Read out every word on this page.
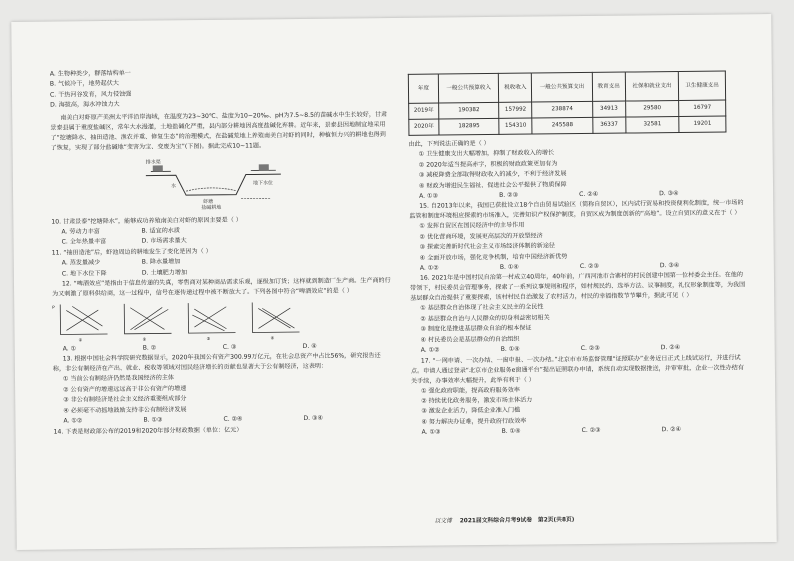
A. 生物种类少，群落结构单一
B. 气候冷干，地势起伏大
C. 干热河谷发育，风力侵蚀强
D. 海拔高，海水冲蚀力大
南美白对虾原产美洲太平洋沿岸海域，在温度为23~30℃、盐度为10~20‰、pH为7.5~8.5的苗碱水中生长较好，甘肃景泰县属于重度盐碱区，常年大水漫灌，土地盐碱化严重，县内部分耕地因高度盐碱化弃耕。近年来，景泰县因地制宜地采用了“挖塘降水、抽田造池、渔农并重、修复生态”的治理模式，在盐碱荒地上养殖南美白对虾的同时，种植恒力兴的耕地也得到了恢复，实现了部分盐碱地“变害为宝、变废为宝”(下图)。据此完成10~11题。
排水渠
地下水位
水
虾塘
盐碱耕地
10. 甘肃景泰“挖塘降水”，能够成功养殖南美白对虾的原因主要是（ ）
A. 劳动力丰富	B. 适宜的水质
C. 全年热量丰富	D. 市场需求量大
11. “抽田造池”后，虾池周边的耕地发生了变化是因为（ ）
A. 蒸发量减少	B. 降水量增加
C. 地下水位下降	D. 土壤肥力增加
12. “啤酒效应”是指由于信息传递的失真，零售商对某种商品需求乐观，逐级加订货；这样就到制造厂生产商。生产商的行为又刺激了原料供给商，这一过程中，信号在逐传递过程中被不断放大了。下列各图中符合“啤酒效应”的是（ ）
P
①	②	③	④
A. ①	B. ②	C. ③	D. ④
13. 根据中国社会科学院研究数据显示，2020年我国公有资产300.99万亿元，在社会总资产中占比56%，研究报告还称，非公有制经济在产出、就业、税收等领域对国民经济增长的贡献也显著大于公有制经济，这表明：
① 当前公有制经济仍然是我国经济的主体
② 公有资产的增速远远高于非公有资产的增速
③ 非公有制经济是社会主义经济重要组成部分
④ 必须毫不动摇地鼓励支持非公有制经济发展
A. ①②	B. ①③	C. ②④	D. ③④
14. 下表是财政部公布的2019和2020年部分财政数据（单位：亿元）
年度	一般公共预算收入	税收收入	一般公共预算支出	教育支出	社保和就业支出	卫生健康支出
2019年	190382	157992	238874	34913	29580	16797
2020年	182895	154310	245588	36337	32581	19201
由此，下列说法正确的是（ ）
① 卫生健康支出大幅增加，抑制了财政收入的增长
② 2020年适当提高赤字，积极的财政政策更加有为
③ 减税降费全部取得财政收入的减少，不利于经济发展
④ 财政为增进民生福祉、促进社会公平提供了物质保障
A. ①③	B. ②③	C. ②④	D. ③④
15. 自2013年以来，我国已获批设立18个自由贸易试验区（简称自贸区），区内试行贸易和投资便利化制度，统一市场的监管和制度环境相应探索的市场准入，完善知识产权保护制度，自贸区成为制度创新的“高地”。设立自贸区的意义在于（ ）
① 发挥自贸区在国民经济中的主导作用
② 优化营商环境，发展更高层次的开放型经济
③ 探索完善新时代社会主义市场经济体制的新途径
④ 全面开放市场，强化竞争机制，培育中国经济新优势
A. ①②	B. ①④	C. ②③	D. ③④
16. 2021年是中国村民自治第一村成立40周年，40年前，广西河池市合寨村的村民创建中国第一位村委会主任。在他的带领下，村民委员会管理事务，探索了一系列议事规则和程序，如村规民约、选举方法、议事制度，礼仪形象制度等，为我国基层群众自治提供了重要探索，该村村民自治激发了农村活力，村民的幸福指数节节攀升，据此可见（ ）
① 基层群众自治体现了社会主义民主的全民性
② 基层群众自治与人民群众的切身利益密切相关
③ 制度化是推进基层群众自治的根本保证
④ 村民委员会是基层群众的自治组织
A. ①②	B. ①④	C. ②③	D. ②④
17. “一网申请、一次办结、一窗申报、一次办结。”北京市市场监督管理“证照联办”业务近日正式上线试运行，并进行试点。申请人通过登录“北京市企业服务e窗通平台”提出证照联办申请，系统自动实现数据推送，并审审批，企业一次性办结有关手续，办事效率大幅提升，此举有利于（ ）
① 强化政府职能，提高政府服务效率
② 持续优化政务服务，激发市场主体活力
③ 激发企业活力，降低企业准入门槛
④ 努力解决办证难，提升政府行政效率
A. ①③	B. ①④	C. ②③	D. ②④
以文博 2021届文科综合月考9试卷　第2页(共8页)
